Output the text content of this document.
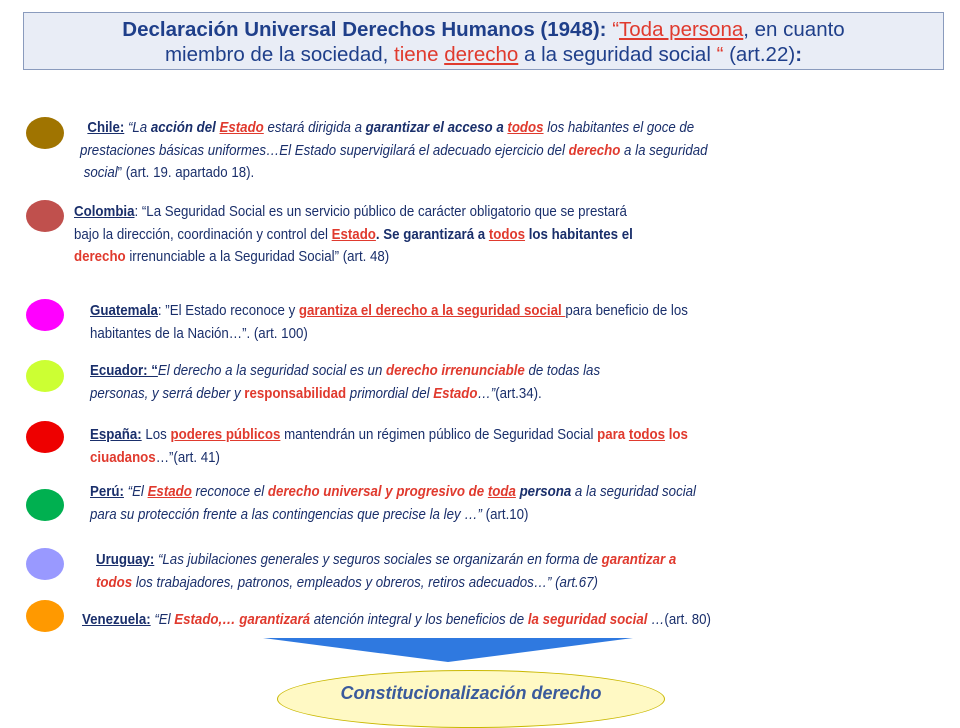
Declaración Universal Derechos Humanos (1948): “Toda persona, en cuanto
miembro de la sociedad, tiene derecho a la seguridad social “ (art.22):
Chile: “La acción del Estado estará dirigida a garantizar el acceso a todos los habitantes el goce de
prestaciones básicas uniformes…El Estado supervigilará el adecuado ejercicio del derecho a la seguridad
social” (art. 19. apartado 18).
Colombia: “La Seguridad Social es un servicio público de carácter obligatorio que se prestará
bajo la dirección, coordinación y control del Estado. Se garantizará a todos los habitantes el
derecho irrenunciable a la Seguridad Social” (art. 48)
Guatemala: ”El Estado reconoce y garantiza el derecho a la seguridad social para beneficio de los
habitantes de la Nación…”. (art. 100)
Ecuador: “El derecho a la seguridad social es un derecho irrenunciable de todas las
personas, y serrá deber y responsabilidad primordial del Estado…”(art.34).
España: Los poderes públicos mantendrán un régimen público de Seguridad Social para todos los
ciuadanos…”(art. 41)
Perú: “El Estado reconoce el derecho universal y progresivo de toda persona a la seguridad social
para su protección frente a las contingencias que precise la ley …” (art.10)
Uruguay: “Las jubilaciones generales y seguros sociales se organizarán en forma de garantizar a
todos los trabajadores, patronos, empleados y obreros, retiros adecuados…” (art.67)
Venezuela: “El Estado,… garantizará atención integral y los beneficios de la seguridad social …(art. 80)
Constitucionalización derecho
